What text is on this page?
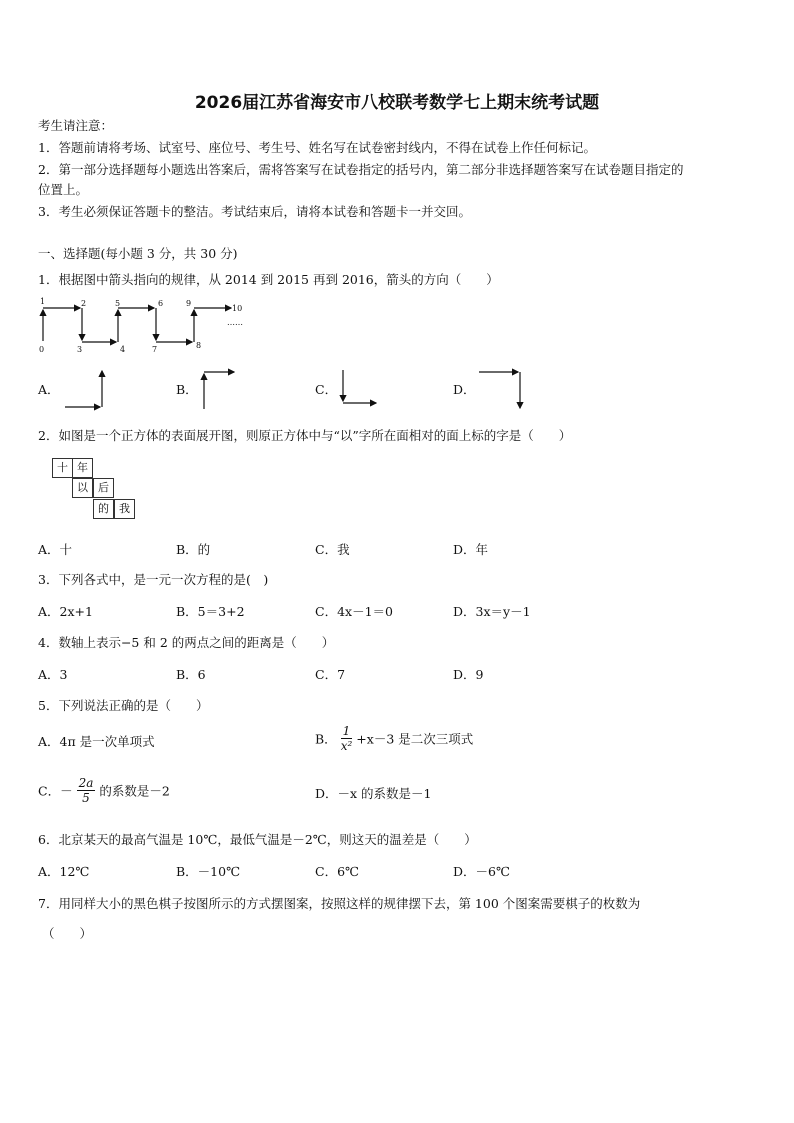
2026届江苏省海安市八校联考数学七上期末统考试题
考生请注意：
1．答题前请将考场、试室号、座位号、考生号、姓名写在试卷密封线内，不得在试卷上作任何标记。
2．第一部分选择题每小题选出答案后，需将答案写在试卷指定的括号内，第二部分非选择题答案写在试卷题目指定的
位置上。
3．考生必须保证答题卡的整洁。考试结束后，请将本试卷和答题卡一并交回。
一、选择题(每小题 3 分，共 30 分)
1．根据图中箭头指向的规律，从 2014 到 2015 再到 2016，箭头的方向（　　）
1	2	5	6	9
10
0	3	4	7	8
……
A．	B．	C．	D．
2．如图是一个正方体的表面展开图，则原正方体中与“以”字所在面相对的面上标的字是（　　）
十 年
以 后
的 我
A．十	B．的	C．我	D．年
3．下列各式中，是一元一次方程的是(　)
A．2x+1	B．5＝3+2	C．4x－1＝0	D．3x＝y－1
4．数轴上表示−5 和 2 的两点之间的距离是（　　）
A．3	B．6	C．7	D．9
5．下列说法正确的是（　　）
A．4π 是一次单项式	B． $\frac{1}{\text{x²}} +x-3$ 是二次三项式
C．－ $\frac{2a}{5}$ 的系数是－2	D．－x 的系数是－1
6．北京某天的最高气温是 10℃，最低气温是－2℃，则这天的温差是（　　）
A．12℃	B．－10℃	C．6℃	D．－6℃
7．用同样大小的黑色棋子按图所示的方式摆图案，按照这样的规律摆下去，第 100 个图案需要棋子的枚数为
（　　）
